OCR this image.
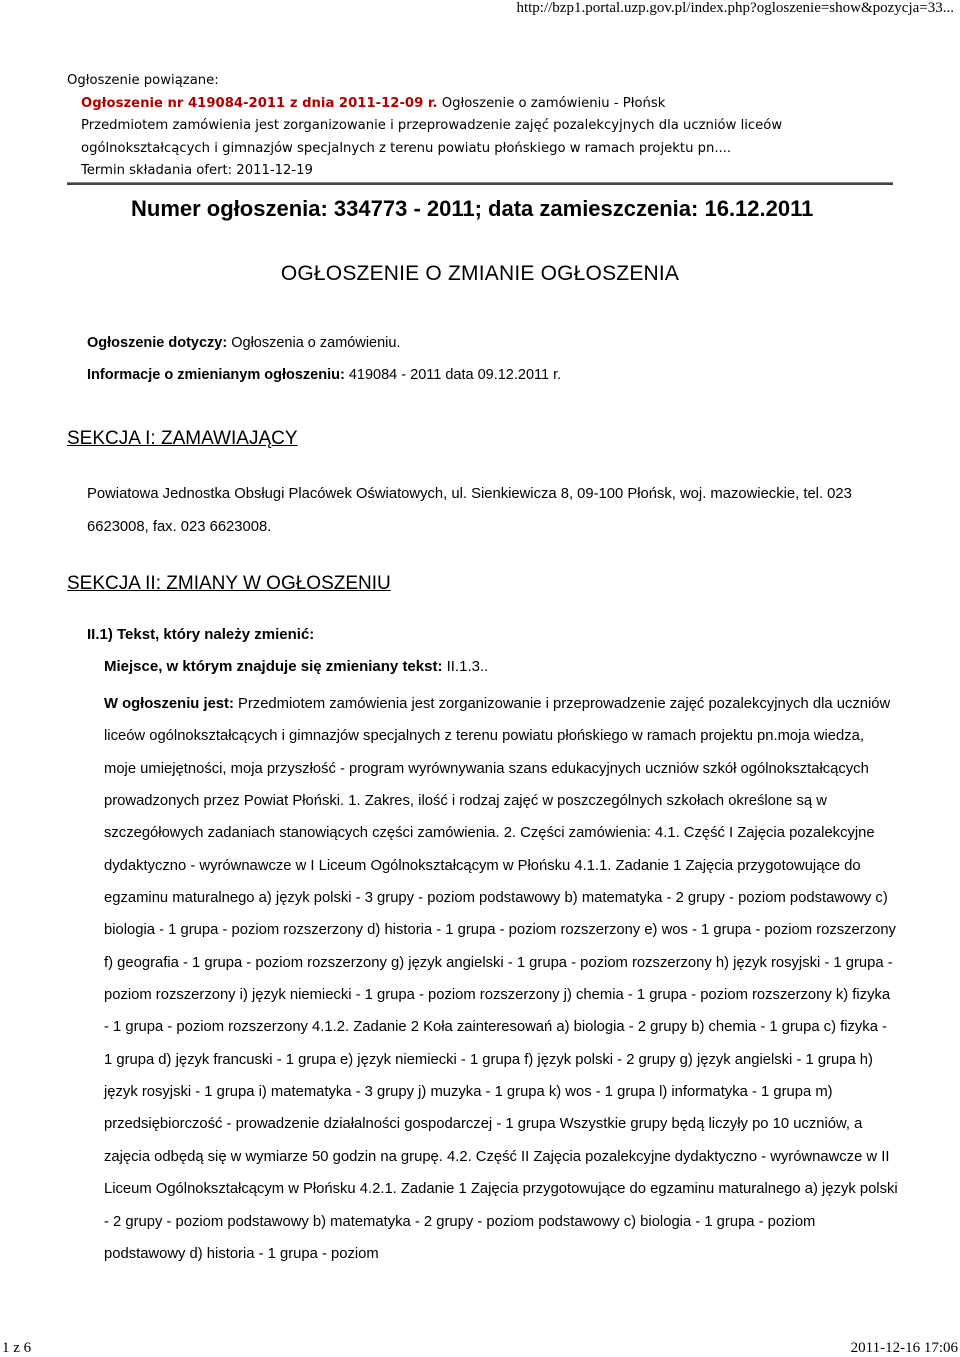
http://bzp1.portal.uzp.gov.pl/index.php?ogloszenie=show&pozycja=33...
Ogłoszenie powiązane:
Ogłoszenie nr 419084-2011 z dnia 2011-12-09 r. Ogłoszenie o zamówieniu - Płońsk
Przedmiotem zamówienia jest zorganizowanie i przeprowadzenie zajęć pozalekcyjnych dla uczniów liceów ogólnokształcących i gimnazjów specjalnych z terenu powiatu płońskiego w ramach projektu pn....
Termin składania ofert: 2011-12-19
Numer ogłoszenia: 334773 - 2011; data zamieszczenia: 16.12.2011
OGŁOSZENIE O ZMIANIE OGŁOSZENIA
Ogłoszenie dotyczy: Ogłoszenia o zamówieniu.
Informacje o zmienianym ogłoszeniu: 419084 - 2011 data 09.12.2011 r.
SEKCJA I: ZAMAWIAJĄCY
Powiatowa Jednostka Obsługi Placówek Oświatowych, ul. Sienkiewicza 8, 09-100 Płońsk, woj. mazowieckie, tel. 023 6623008, fax. 023 6623008.
SEKCJA II: ZMIANY W OGŁOSZENIU
II.1) Tekst, który należy zmienić:
Miejsce, w którym znajduje się zmieniany tekst: II.1.3..
W ogłoszeniu jest: Przedmiotem zamówienia jest zorganizowanie i przeprowadzenie zajęć pozalekcyjnych dla uczniów liceów ogólnokształcących i gimnazjów specjalnych z terenu powiatu płońskiego w ramach projektu pn.moja wiedza, moje umiejętności, moja przyszłość - program wyrównywania szans edukacyjnych uczniów szkół ogólnokształcących prowadzonych przez Powiat Płoński. 1. Zakres, ilość i rodzaj zajęć w poszczególnych szkołach określone są w szczegółowych zadaniach stanowiących części zamówienia. 2. Części zamówienia: 4.1. Część I Zajęcia pozalekcyjne dydaktyczno - wyrównawcze w I Liceum Ogólnokształcącym w Płońsku 4.1.1. Zadanie 1 Zajęcia przygotowujące do egzaminu maturalnego a) język polski - 3 grupy - poziom podstawowy b) matematyka - 2 grupy - poziom podstawowy c) biologia - 1 grupa - poziom rozszerzony d) historia - 1 grupa - poziom rozszerzony e) wos - 1 grupa - poziom rozszerzony f) geografia - 1 grupa - poziom rozszerzony g) język angielski - 1 grupa - poziom rozszerzony h) język rosyjski - 1 grupa - poziom rozszerzony i) język niemiecki - 1 grupa - poziom rozszerzony j) chemia - 1 grupa - poziom rozszerzony k) fizyka - 1 grupa - poziom rozszerzony 4.1.2. Zadanie 2 Koła zainteresowań a) biologia - 2 grupy b) chemia - 1 grupa c) fizyka - 1 grupa d) język francuski - 1 grupa e) język niemiecki - 1 grupa f) język polski - 2 grupy g) język angielski - 1 grupa h) język rosyjski - 1 grupa i) matematyka - 3 grupy j) muzyka - 1 grupa k) wos - 1 grupa l) informatyka - 1 grupa m) przedsiębiorczość - prowadzenie działalności gospodarczej - 1 grupa Wszystkie grupy będą liczyły po 10 uczniów, a zajęcia odbędą się w wymiarze 50 godzin na grupę. 4.2. Część II Zajęcia pozalekcyjne dydaktyczno - wyrównawcze w II Liceum Ogólnokształcącym w Płońsku 4.2.1. Zadanie 1 Zajęcia przygotowujące do egzaminu maturalnego a) język polski - 2 grupy - poziom podstawowy b) matematyka - 2 grupy - poziom podstawowy c) biologia - 1 grupa - poziom podstawowy d) historia - 1 grupa - poziom
1 z 6	2011-12-16 17:06
